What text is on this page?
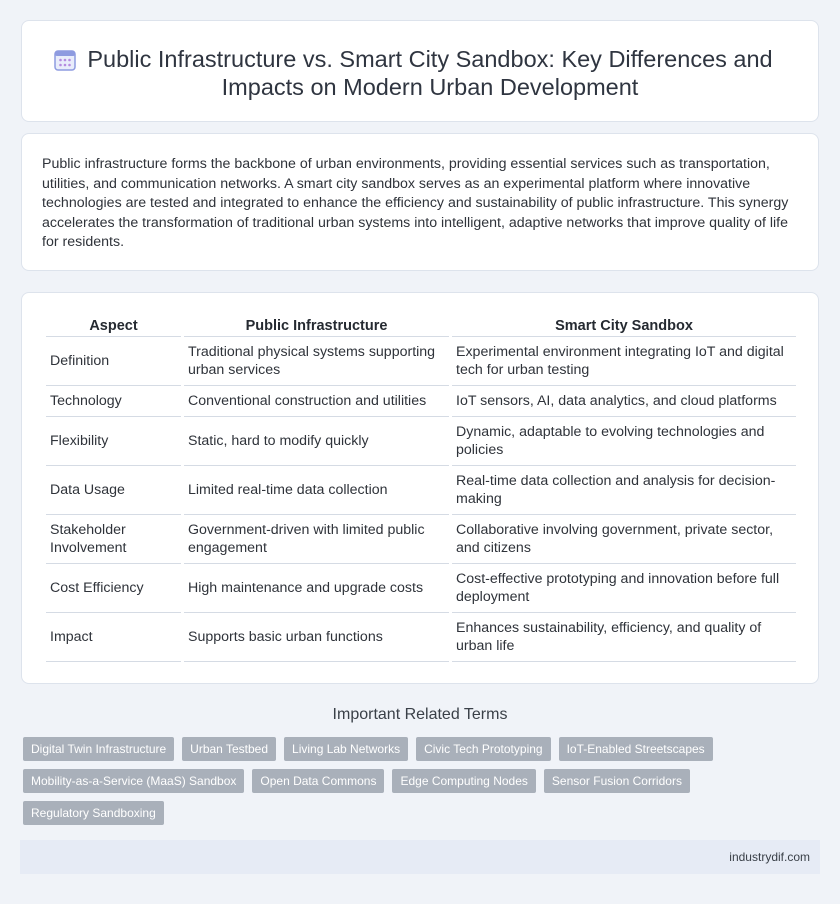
Public Infrastructure vs. Smart City Sandbox: Key Differences and Impacts on Modern Urban Development

Public infrastructure forms the backbone of urban environments, providing essential services such as transportation, utilities, and communication networks. A smart city sandbox serves as an experimental platform where innovative technologies are tested and integrated to enhance the efficiency and sustainability of public infrastructure. This synergy accelerates the transformation of traditional urban systems into intelligent, adaptive networks that improve quality of life for residents.

Aspect	Public Infrastructure	Smart City Sandbox
Definition	Traditional physical systems supporting urban services	Experimental environment integrating IoT and digital tech for urban testing
Technology	Conventional construction and utilities	IoT sensors, AI, data analytics, and cloud platforms
Flexibility	Static, hard to modify quickly	Dynamic, adaptable to evolving technologies and policies
Data Usage	Limited real-time data collection	Real-time data collection and analysis for decision-making
Stakeholder Involvement	Government-driven with limited public engagement	Collaborative involving government, private sector, and citizens
Cost Efficiency	High maintenance and upgrade costs	Cost-effective prototyping and innovation before full deployment
Impact	Supports basic urban functions	Enhances sustainability, efficiency, and quality of urban life
Important Related Terms
Digital Twin Infrastructure	Urban Testbed	Living Lab Networks	Civic Tech Prototyping	IoT-Enabled Streetscapes
Mobility-as-a-Service (MaaS) Sandbox	Open Data Commons	Edge Computing Nodes	Sensor Fusion Corridors
Regulatory Sandboxing
industrydif.com
